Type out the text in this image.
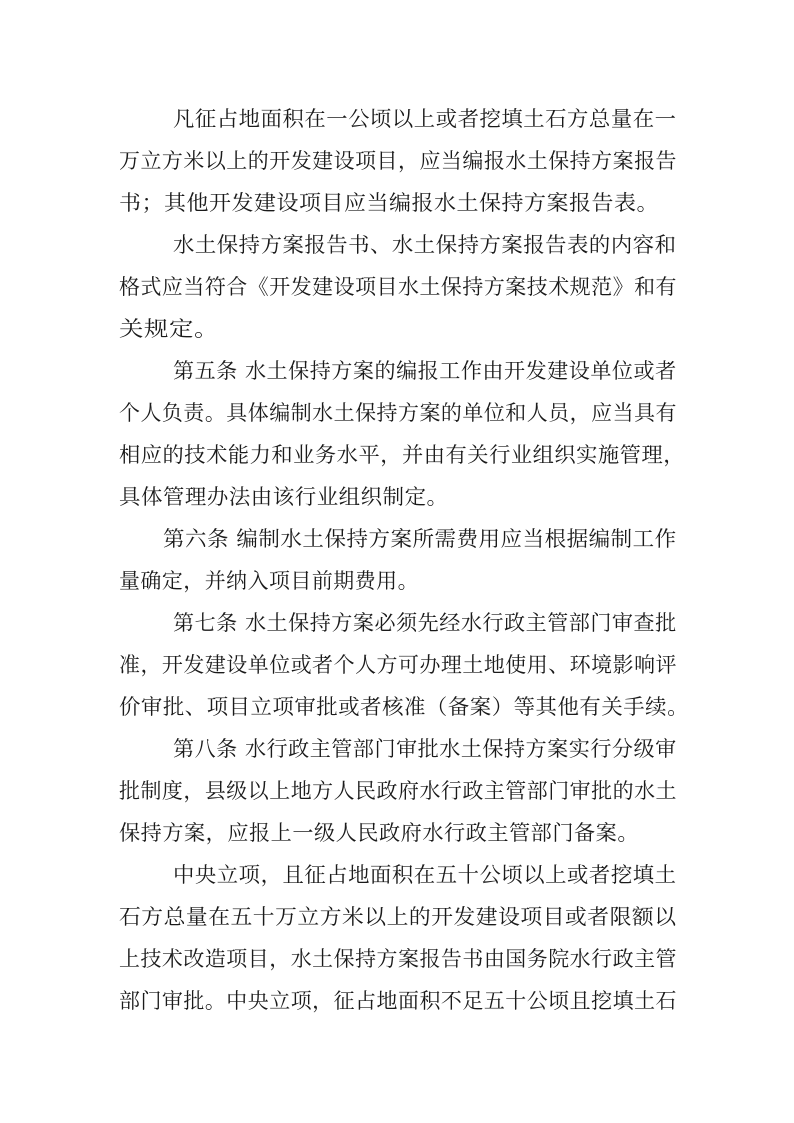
凡征占地面积在一公顷以上或者挖填土石方总量在一
万立方米以上的开发建设项目，应当编报水土保持方案报告
书；其他开发建设项目应当编报水土保持方案报告表。
水土保持方案报告书、水土保持方案报告表的内容和
格式应当符合《开发建设项目水土保持方案技术规范》和有
关规定。
第五条 水土保持方案的编报工作由开发建设单位或者
个人负责。具体编制水土保持方案的单位和人员，应当具有
相应的技术能力和业务水平，并由有关行业组织实施管理，
具体管理办法由该行业组织制定。
第六条 编制水土保持方案所需费用应当根据编制工作
量确定，并纳入项目前期费用。
第七条 水土保持方案必须先经水行政主管部门审查批
准，开发建设单位或者个人方可办理土地使用、环境影响评
价审批、项目立项审批或者核准（备案）等其他有关手续。
第八条 水行政主管部门审批水土保持方案实行分级审
批制度，县级以上地方人民政府水行政主管部门审批的水土
保持方案，应报上一级人民政府水行政主管部门备案。
中央立项，且征占地面积在五十公顷以上或者挖填土
石方总量在五十万立方米以上的开发建设项目或者限额以
上技术改造项目，水土保持方案报告书由国务院水行政主管
部门审批。中央立项，征占地面积不足五十公顷且挖填土石
